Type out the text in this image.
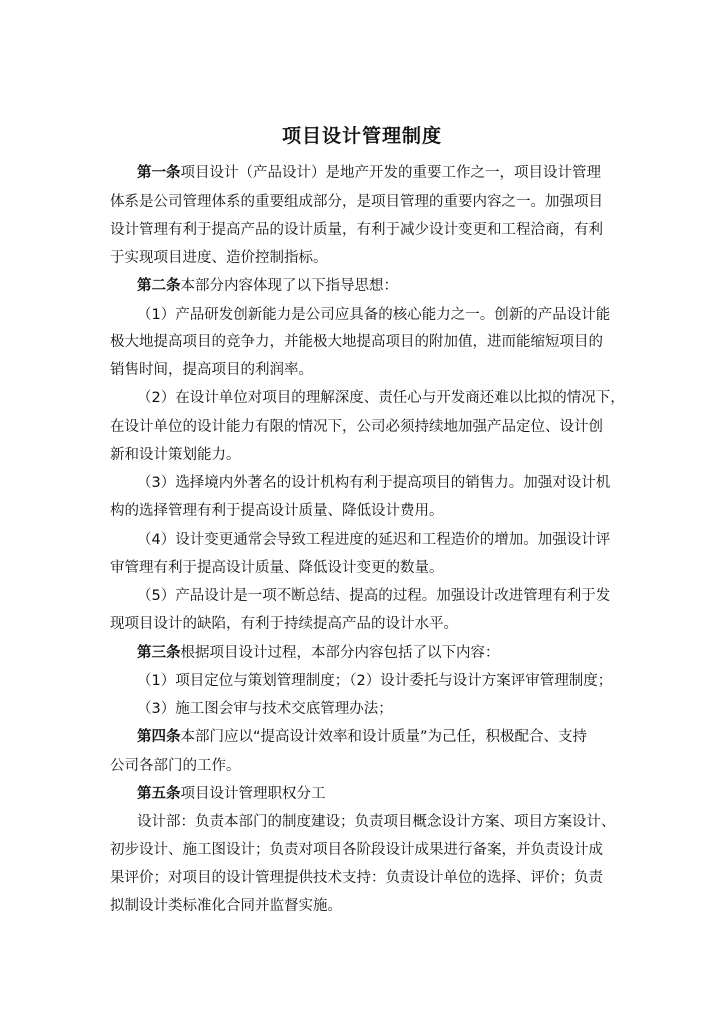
项目设计管理制度

第一条项目设计（产品设计）是地产开发的重要工作之一，项目设计管理

体系是公司管理体系的重要组成部分，是项目管理的重要内容之一。加强项目

设计管理有利于提高产品的设计质量，有利于减少设计变更和工程洽商，有利

于实现项目进度、造价控制指标。

第二条本部分内容体现了以下指导思想：

（1）产品研发创新能力是公司应具备的核心能力之一。创新的产品设计能

极大地提高项目的竞争力，并能极大地提高项目的附加值，进而能缩短项目的

销售时间，提高项目的利润率。

（2）在设计单位对项目的理解深度、责任心与开发商还难以比拟的情况下，

在设计单位的设计能力有限的情况下，公司必须持续地加强产品定位、设计创

新和设计策划能力。

（3）选择境内外著名的设计机构有利于提高项目的销售力。加强对设计机

构的选择管理有利于提高设计质量、降低设计费用。

（4）设计变更通常会导致工程进度的延迟和工程造价的增加。加强设计评

审管理有利于提高设计质量、降低设计变更的数量。

（5）产品设计是一项不断总结、提高的过程。加强设计改进管理有利于发

现项目设计的缺陷，有利于持续提高产品的设计水平。

第三条根据项目设计过程，本部分内容包括了以下内容：

（1）项目定位与策划管理制度；（2）设计委托与设计方案评审管理制度；

（3）施工图会审与技术交底管理办法；

第四条本部门应以“提高设计效率和设计质量”为己任，积极配合、支持

公司各部门的工作。

第五条项目设计管理职权分工

设计部：负责本部门的制度建设；负责项目概念设计方案、项目方案设计、

初步设计、施工图设计；负责对项目各阶段设计成果进行备案，并负责设计成

果评价；对项目的设计管理提供技术支持：负责设计单位的选择、评价；负责

拟制设计类标准化合同并监督实施。
